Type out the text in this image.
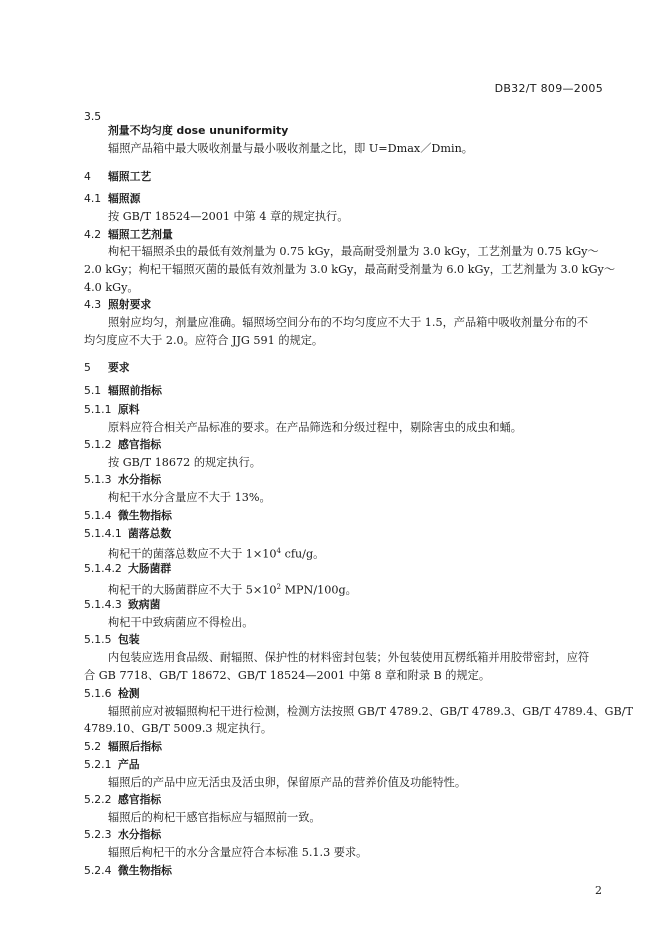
DB32/T 809—2005
3.5
剂量不均匀度 dose ununiformity
辐照产品箱中最大吸收剂量与最小吸收剂量之比，即 U=Dmax／Dmin。
4 辐照工艺
4.1 辐照源
按 GB/T 18524—2001 中第 4 章的规定执行。
4.2 辐照工艺剂量
枸杞干辐照杀虫的最低有效剂量为 0.75 kGy，最高耐受剂量为 3.0 kGy，工艺剂量为 0.75 kGy～
2.0 kGy；枸杞干辐照灭菌的最低有效剂量为 3.0 kGy，最高耐受剂量为 6.0 kGy，工艺剂量为 3.0 kGy～
4.0 kGy。
4.3 照射要求
照射应均匀，剂量应准确。辐照场空间分布的不均匀度应不大于 1.5，产品箱中吸收剂量分布的不
均匀度应不大于 2.0。应符合 JJG 591 的规定。
5 要求
5.1 辐照前指标
5.1.1 原料
原料应符合相关产品标准的要求。在产品筛选和分级过程中，剔除害虫的成虫和蛹。
5.1.2 感官指标
按 GB/T 18672 的规定执行。
5.1.3 水分指标
枸杞干水分含量应不大于 13%。
5.1.4 微生物指标
5.1.4.1 菌落总数
枸杞干的菌落总数应不大于 $1\times 10^4$ cfu/g。
5.1.4.2 大肠菌群
枸杞干的大肠菌群应不大于 $5\times 10^2$ MPN/100g。
5.1.4.3 致病菌
枸杞干中致病菌应不得检出。
5.1.5 包装
内包装应选用食品级、耐辐照、保护性的材料密封包装；外包装使用瓦楞纸箱并用胶带密封，应符
合 GB 7718、GB/T 18672、GB/T 18524—2001 中第 8 章和附录 B 的规定。
5.1.6 检测
辐照前应对被辐照枸杞干进行检测，检测方法按照 GB/T 4789.2、GB/T 4789.3、GB/T 4789.4、GB/T
4789.10、GB/T 5009.3 规定执行。
5.2 辐照后指标
5.2.1 产品
辐照后的产品中应无活虫及活虫卵，保留原产品的营养价值及功能特性。
5.2.2 感官指标
辐照后的枸杞干感官指标应与辐照前一致。
5.2.3 水分指标
辐照后枸杞干的水分含量应符合本标准 5.1.3 要求。
5.2.4 微生物指标
2
